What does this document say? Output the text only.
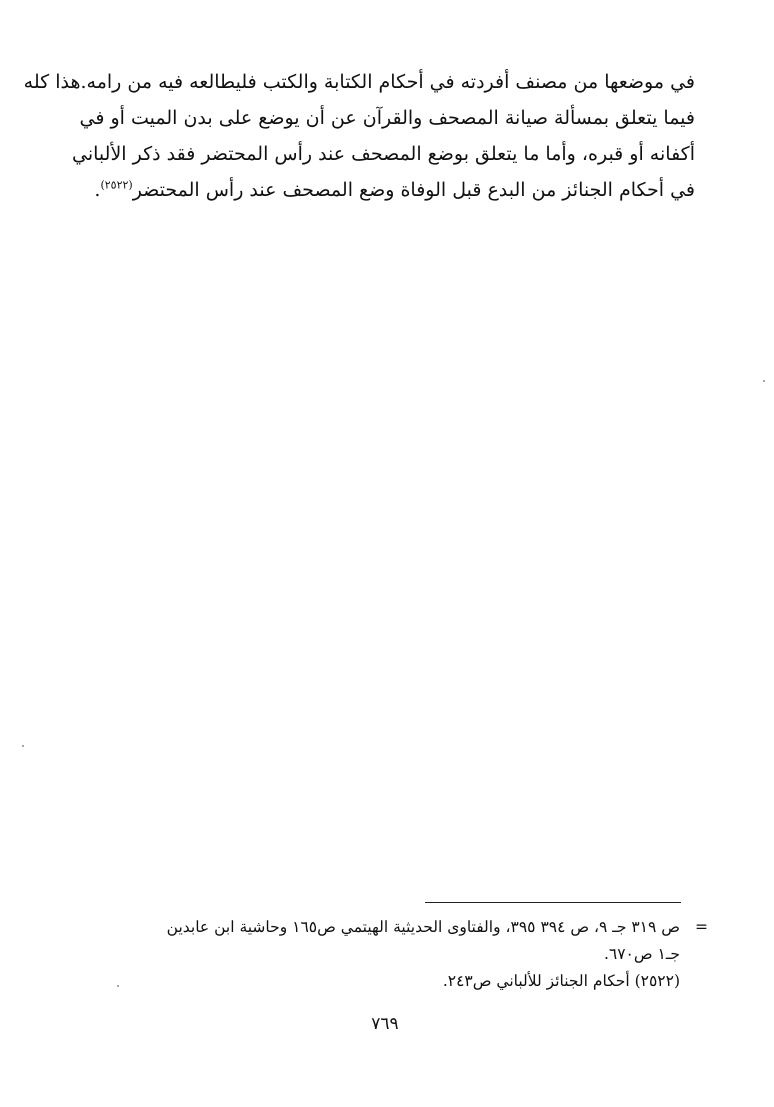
في موضعها من مصنف أفردته في أحكام الكتابة والكتب فليطالعه فيه من رامه.هذا كله
فيما يتعلق بمسألة صيانة المصحف والقرآن عن أن يوضع على بدن الميت أو في
أكفانه أو قبره، وأما ما يتعلق بوضع المصحف عند رأس المحتضر فقد ذكر الألباني
في أحكام الجنائز من البدع قبل الوفاة وضع المصحف عند رأس المحتضر$^{(٢٥٢٢)}$.
=
ص ٣١٩ جـ ٩، ص ٣٩٤ ٣٩٥، والفتاوى الحديثية الهيتمي ص١٦٥ وحاشية ابن عابدين
جـ١ ص٦٧٠.
(٢٥٢٢) أحكام الجنائز للألباني ص٢٤٣.
٧٦٩
